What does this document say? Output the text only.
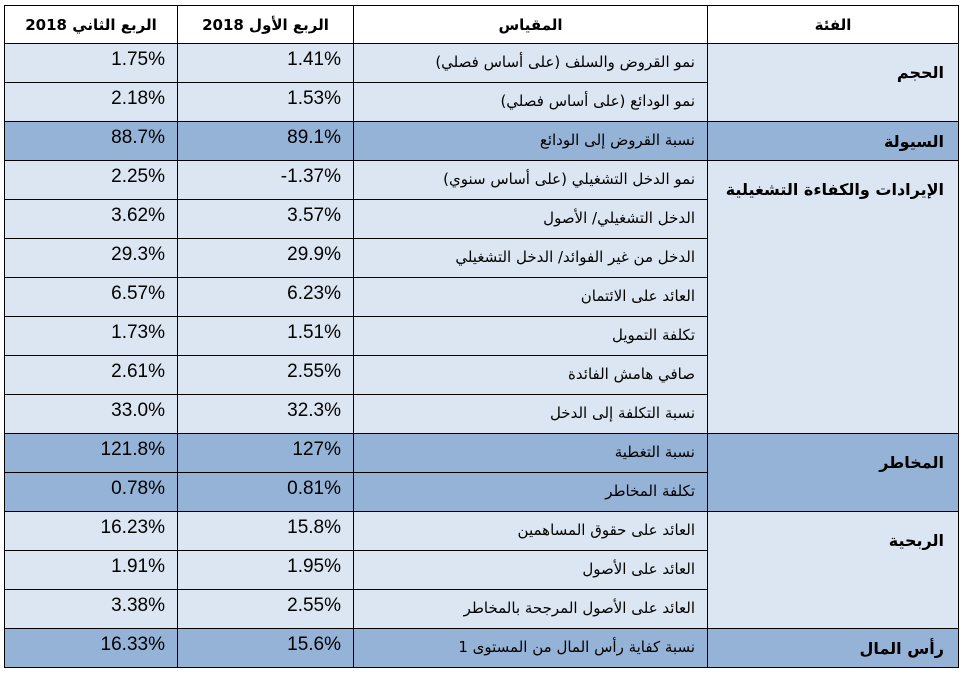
الربع الثاني 2018	الربع الأول 2018	المقياس	الفئة
1.75%	1.41%	نمو القروض والسلف (على أساس فصلي)	الحجم
2.18%	1.53%	نمو الودائع (على أساس فصلي)	
88.7%	89.1%	نسبة القروض إلى الودائع	السيولة
2.25%	-1.37%	نمو الدخل التشغيلي (على أساس سنوي)	الإيرادات والكفاءة التشغيلية
3.62%	3.57%	الدخل التشغيلي/ الأصول	
29.3%	29.9%	الدخل من غير الفوائد/ الدخل التشغيلي	
6.57%	6.23%	العائد على الائتمان	
1.73%	1.51%	تكلفة التمويل	
2.61%	2.55%	صافي هامش الفائدة	
33.0%	32.3%	نسبة التكلفة إلى الدخل	
121.8%	127%	نسبة التغطية	المخاطر
0.78%	0.81%	تكلفة المخاطر	
16.23%	15.8%	العائد على حقوق المساهمين	الربحية
1.91%	1.95%	العائد على الأصول	
3.38%	2.55%	العائد على الأصول المرجحة بالمخاطر	
16.33%	15.6%	نسبة كفاية رأس المال من المستوى 1	رأس المال
